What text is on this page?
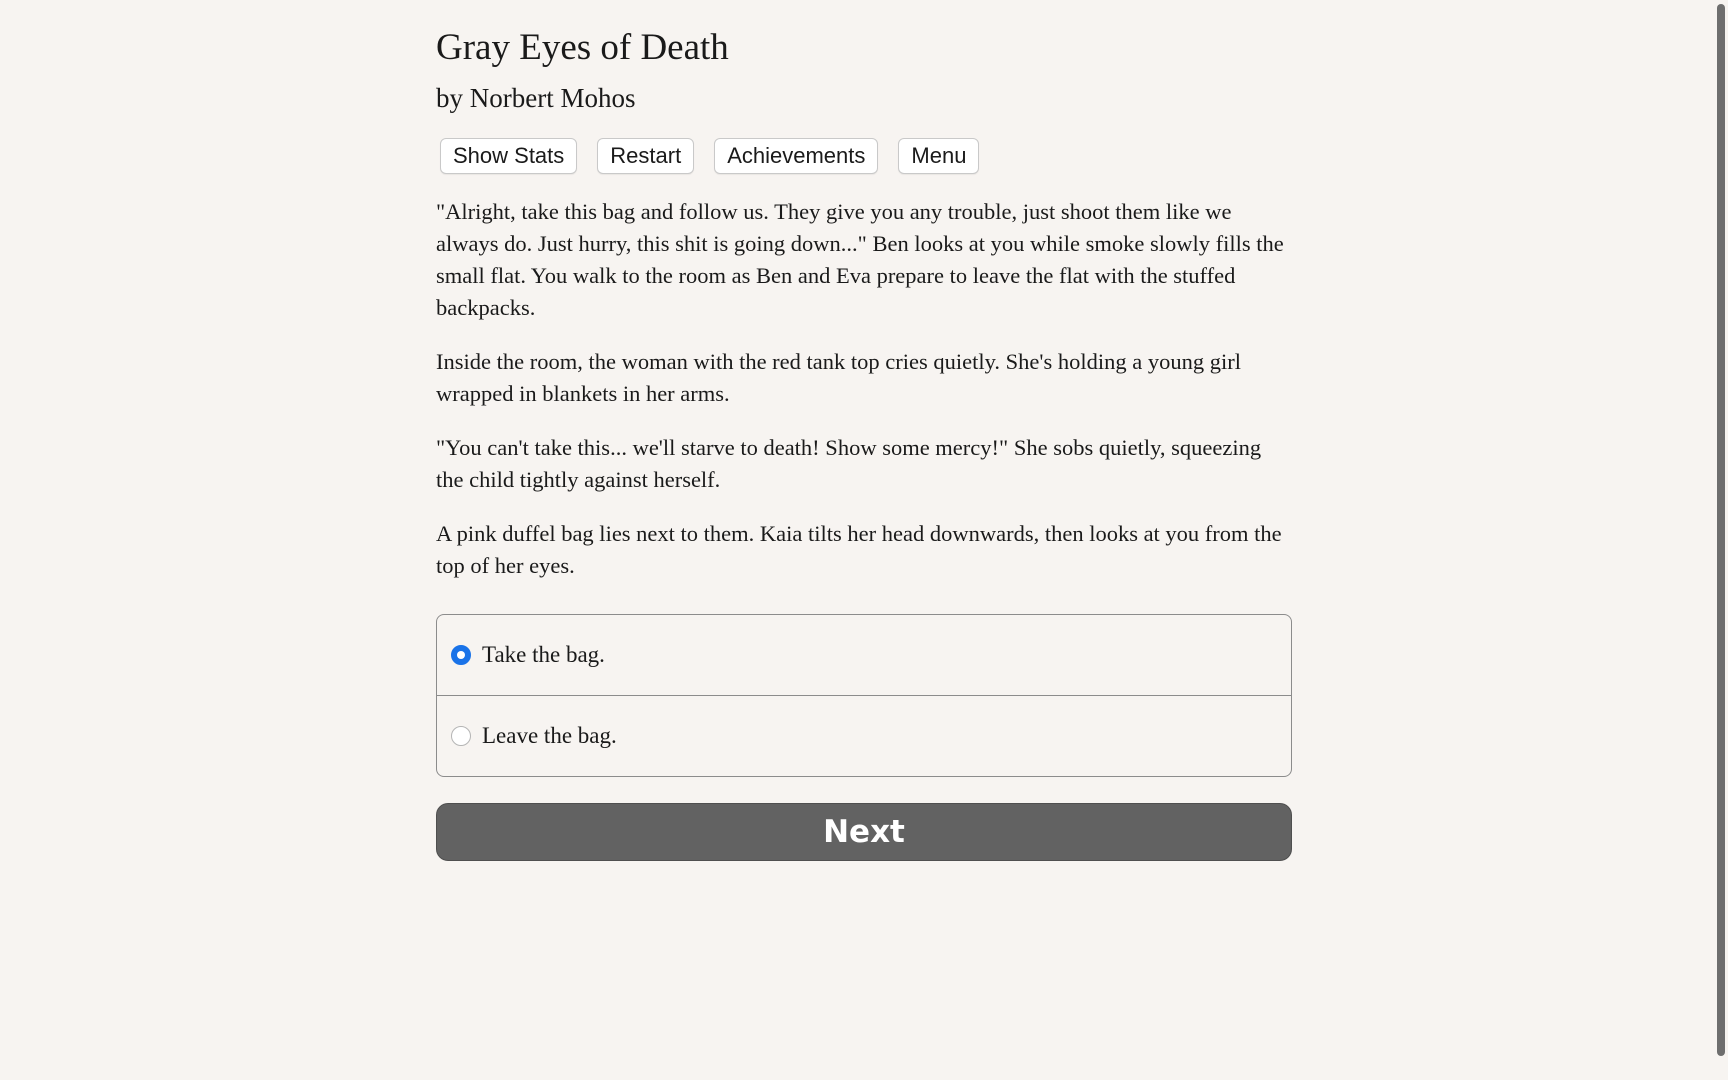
Gray Eyes of Death
by Norbert Mohos
Show Stats	Restart	Achievements	Menu

"Alright, take this bag and follow us. They give you any trouble, just shoot them like we always do. Just hurry, this shit is going down..." Ben looks at you while smoke slowly fills the small flat. You walk to the room as Ben and Eva prepare to leave the flat with the stuffed backpacks.

Inside the room, the woman with the red tank top cries quietly. She's holding a young girl wrapped in blankets in her arms.

"You can't take this... we'll starve to death! Show some mercy!" She sobs quietly, squeezing the child tightly against herself.

A pink duffel bag lies next to them. Kaia tilts her head downwards, then looks at you from the top of her eyes.

Take the bag.
Leave the bag.
Next
